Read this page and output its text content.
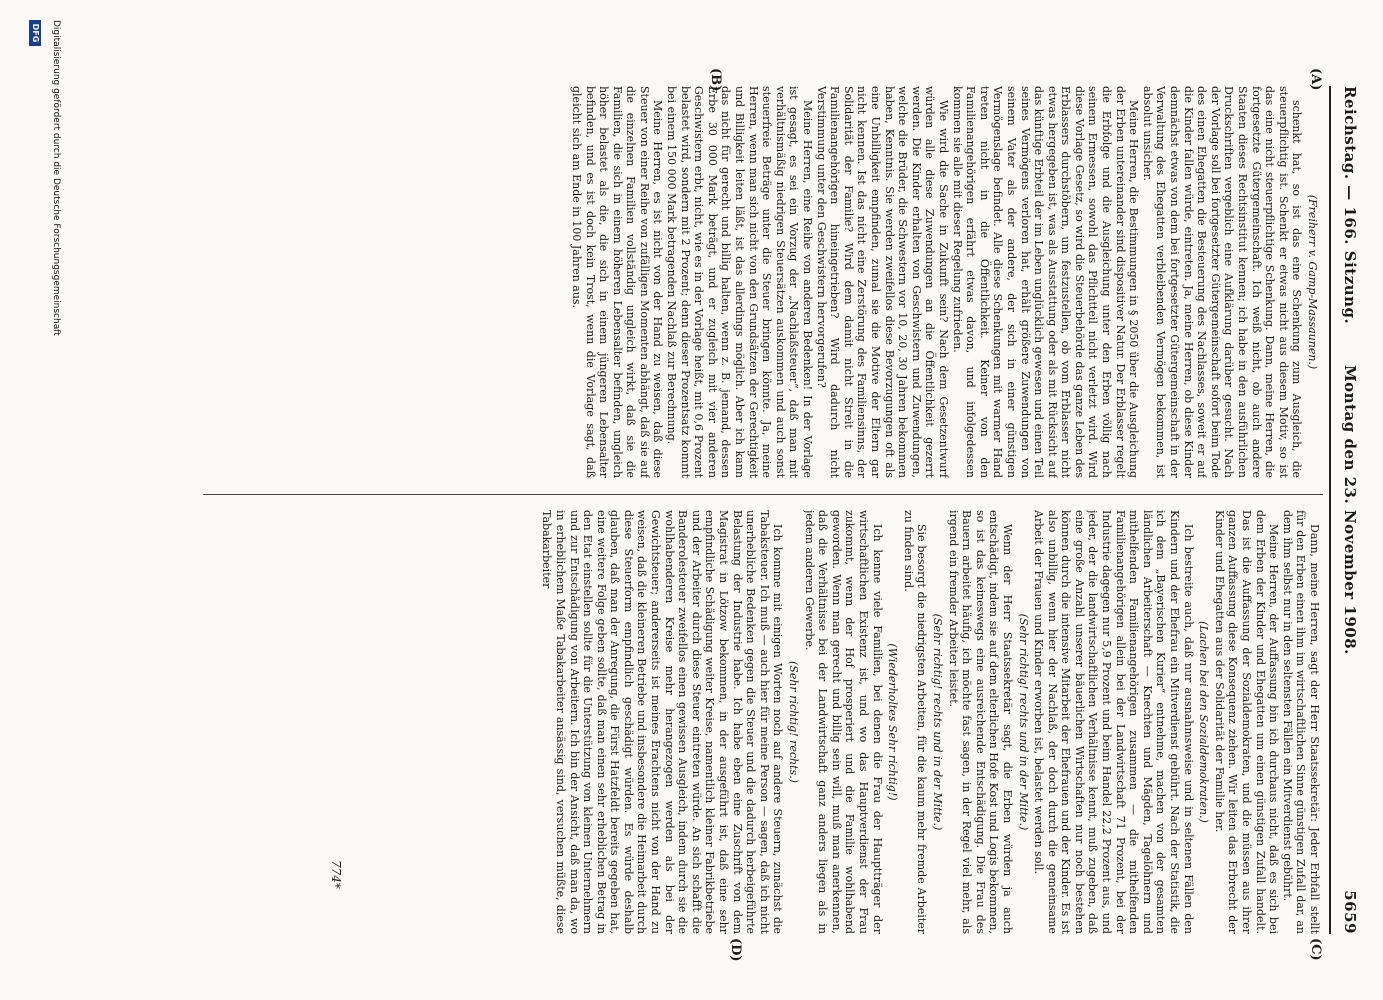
Reichstag. — 166. Sitzung.
Montag den 23. November 1908.
5659
(A)
(B)
(C)
(D)

(Freiherr v. Gamp-Massaunen.)

schenkt hat, so ist das eine Schenkung zum Ausgleich, die steuerpflichtig ist. Schenkt er etwas nicht aus diesem Motiv, so ist das eine nicht steuerpflichtige Schenkung. Dann, meine Herren, die fortgesetzte Gütergemeinschaft. Ich weiß nicht, ob auch andere Staaten dieses Rechtsinstitut kennen; ich habe in den ausführlichen Druckschriften vergeblich eine Aufklärung darüber gesucht. Nach der Vorlage soll bei fortgesetzter Gütergemeinschaft sofort beim Tode des einen Ehegatten die Besteuerung des Nachlasses, soweit er auf die Kinder fallen würde, eintreten. Ja, meine Herren, ob diese Kinder demnächst etwas von dem bei fortgesetzter Gütergemeinschaft in der Verwaltung des Ehegatten verbleibenden Vermögen bekommen, ist absolut unsicher.

Meine Herren, die Bestimmungen in § 2050 über die Ausgleichung der Erben untereinander sind dispositiver Natur. Der Erblasser regelt die Erbfolge und die Ausgleichung unter den Erben völlig nach seinem Ermessen, sowohl das Pflichtteil nicht verletzt wird. Wird diese Vorlage Gesetz, so wird die Steuerbehörde das ganze Leben des Erblassers durchstöbern, um festzustellen, ob vom Erblasser nicht etwas hergegeben ist, was als Ausstattung oder als mit Rücksicht auf das künftige Erbteil der im Leben unglücklich gewesen und einen Teil seines Vermögens verloren hat, erhält größere Zuwendungen von seinem Vater als der andere, der sich in einer günstigen Vermögenslage befindet. Alle diese Schenkungen mit warmer Hand treten nicht in die Öffentlichkeit. Keiner von den Familienangehörigen erfährt etwas davon, und infolgedessen kommen sie alle mit dieser Regelung zufrieden.

Wie wird die Sache in Zukunft sein? Nach dem Gesetzentwurf würden alle diese Zuwendungen an die Öffentlichkeit gezerrt werden. Die Kinder erhalten von Geschwistern und Zuwendungen, welche die Brüder, die Schwestern vor 10, 20, 30 Jahren bekommen haben, Kenntnis. Sie werden zweifellos diese Bevorzugungen oft als eine Unbilligkeit empfinden, zumal sie die Motive der Eltern gar nicht kennen. Ist das nicht eine Zerstörung des Familiensinns, der Solidarität der Familie? Wird dem damit nicht Streit in die Familienangehörigen hineingetrieben? Wird dadurch nicht Verstimmung unter den Geschwistern hervorgerufen?

Meine Herren, eine Reihe von anderen Bedenken! In der Vorlage ist gesagt, es sei ein Vorzug der „Nachlaßsteuer“, daß man mit verhältnismäßig niedrigen Steuersätzen auskommen und auch sonst steuerfreie Beträge unter die Steuer bringen könnte. Ja, meine Herren, wenn man sich nicht von den Grundsätzen der Gerechtigkeit und Billigkeit leiten läßt, ist das allerdings möglich. Aber ich kann das nicht für gerecht und billig halten, wenn z. B. jemand, dessen Erbe 30 000 Mark beträgt, und er zugleich mit vier anderen Geschwistern erbt, nicht, wie es in der Vorlage heißt, mit 0,6 Prozent belastet wird, sondern mit 2 Prozent; denn dieser Prozentsatz kommt bei einem 150 000 Mark betragenden Nachlaß zur Berechnung.

Meine Herren, es ist nicht von der Hand zu weisen, daß diese Steuer von einer Reihe von zufälligen Momenten abhängt, daß sie auf die einzelnen Familien vollständig ungleich wirkt, daß sie die Familien, die sich in einem höheren Lebensalter befinden, ungleich höher belastet als die, die sich in einem jüngeren Lebensalter befinden, und es ist doch kein Trost, wenn die Vorlage sagt, daß gleicht sich am Ende in 100 Jahren aus.

Dann, meine Herren, sagt der Herr Staatssekretär: Jeder Erbfall stellt für den Erben einen ihm im wirtschaftlichen Sinne günstigen Zufall dar, an dem ihm selbst nur in den seltensten Fällen ein Mitverdienst gebührt.

Meine Herren, der Auffassung bin ich durchaus nicht, daß es sich bei dem Erben der Kinder und Ehegatten um einen günstigen Zufall handelt. Das ist die Auffassung der Sozialdemokraten, und die müssen aus ihrer ganzen Auffassung diese Konsequenz ziehen. Wir leiten das Erbrecht der Kinder und Ehegatten aus der Solidarität der Familie her.

(Lachen bei den Sozialdemokraten.)

Ich bestreite auch, daß nur ausnahmsweise und in seltenen Fällen den Kindern und der Ehefrau ein Mitverdienst gebührt. Nach der Statistik, die ich dem „Bayerischen Kurier“ entnehme, machen von der gesamten ländlichen Arbeiterschaft — Knechten und Mägden, Tagelöhnern und mithelfenden Familienangehörigen zusammen — die mithelfenden Familienangehörigen allein bei der Landwirtschaft 71 Prozent, bei der Industrie dagegen nur 5,9 Prozent und beim Handel 22,2 Prozent aus, und jeder, der die landwirtschaftlichen Verhältnisse kennt, muß zugeben, daß eine große Anzahl unserer bäuerlichen Wirtschaften nur noch bestehen können durch die intensive Mitarbeit der Ehefrauen und der Kinder. Es ist also unbillig, wenn hier der Nachlaß, der doch durch die gemeinsame Arbeit der Frauen und Kinder erworben ist, belastet werden soll.

(Sehr richtig! rechts und in der Mitte.)

Wenn der Herr Staatssekretär sagt, die Erben würden ja auch entschädigt, indem sie auf dem elterlichen Hofe Kost und Logis bekommen, so ist das keineswegs eine ausreichende Entschädigung. Die Frau des Bauern arbeitet häufig, ich möchte fast sagen, in der Regel viel mehr, als irgend ein fremder Arbeiter leistet.

(Sehr richtig! rechts und in der Mitte.)

Sie besorgt die niedrigsten Arbeiten, für die kaum mehr fremde Arbeiter zu finden sind.

(Wiederholtes Sehr richtig!)

Ich kenne viele Familien, bei denen die Frau der Hauptträger der wirtschaftlichen Existenz ist, und wo das Hauptverdienst der Frau zukommt, wenn der Hof prosperiert und die Familie wohlhabend geworden. Wenn man gerecht und billig sein will, muß man anerkennen, daß die Verhältnisse bei der Landwirtschaft ganz anders liegen als in jedem anderen Gewerbe.

(Sehr richtig! rechts.)

Ich komme mit einigen Worten noch auf andere Steuern, zunächst die Tabaksteuer. Ich muß — auch hier für meine Person — sagen, daß ich nicht unerhebliche Bedenken gegen die Steuer und die dadurch herbeigeführte Belastung der Industrie habe. Ich habe eben eine Zuschrift von dem Magistrat in Lötzow bekommen, in der ausgeführt ist, daß eine sehr empfindliche Schädigung weiter Kreise, namentlich kleiner Fabrikbetriebe und der Arbeiter durch diese Steuer eintreten würde. An sich schafft die Banderolesteuer zweifellos einen gewissen Ausgleich, indem durch sie die wohlhabenderen Kreise mehr herangezogen werden als bei der Gewichtsteuer; andererseits ist meines Erachtens nicht von der Hand zu weisen, daß die kleineren Betriebe und insbesondere die Heimarbeit durch diese Steuerform empfindlich geschädigt würden. Es würde deshalb glauben, daß man der Anregung, die Fürst Hatzfeldt bereits gegeben hat, eine weitere Folge geben sollte, daß man einen sehr erheblichen Betrag in den Etat einstellen sollte für die Unterstützung von kleinen Unternehmern und zur Entschädigung von Arbeitern. Ich bin der Ansicht, daß man da, wo in erheblichem Maße Tabakarbeiter ansässig sind, versuchen müßte, diese Tabakarbeiter

774*
Digitalisierung gefördert durch die Deutsche Forschungsgemeinschaft
DFG
